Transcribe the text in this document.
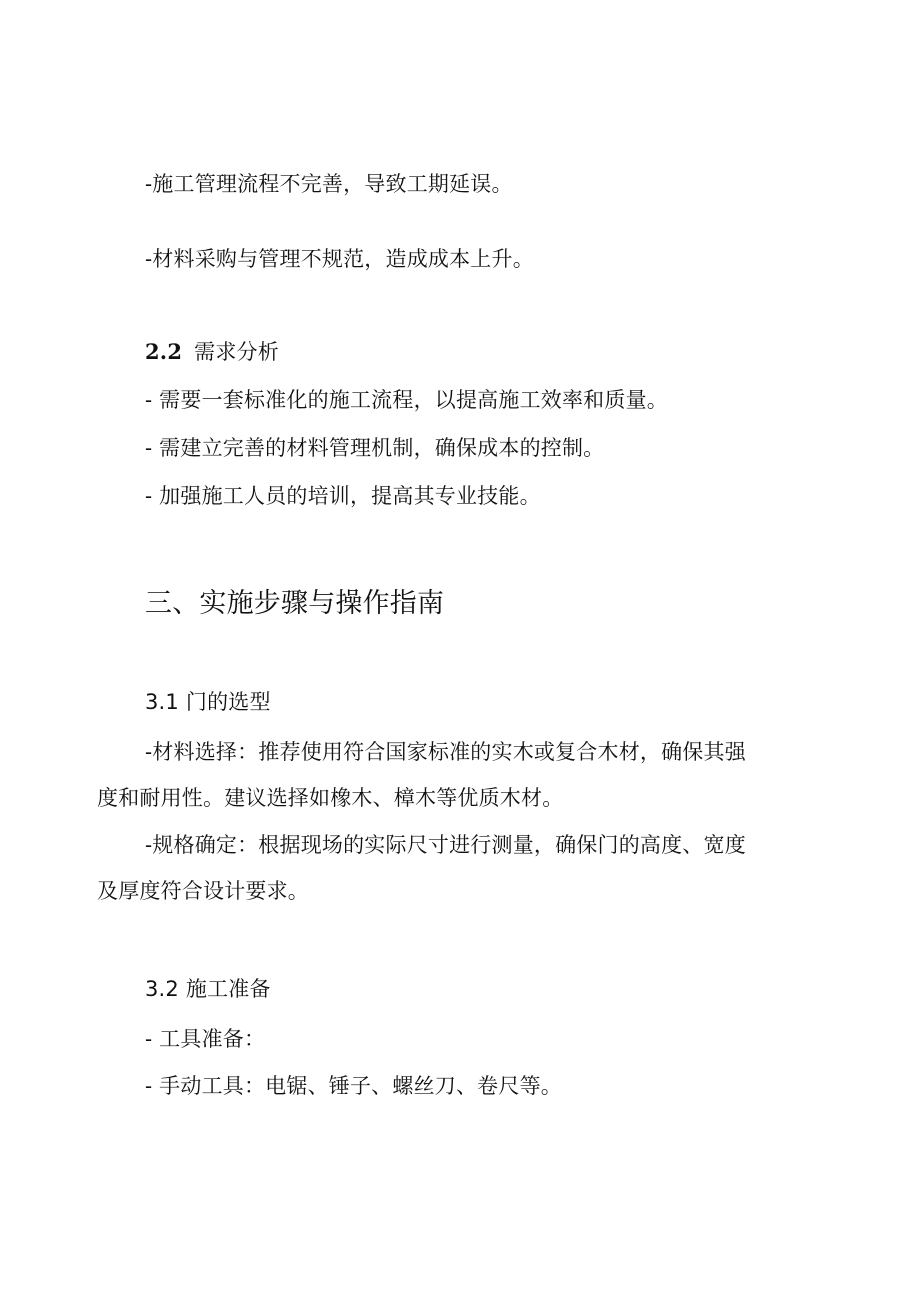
-施工管理流程不完善，导致工期延误。
-材料采购与管理不规范，造成成本上升。
2.2 需求分析
- 需要一套标准化的施工流程，以提高施工效率和质量。
- 需建立完善的材料管理机制，确保成本的控制。
- 加强施工人员的培训，提高其专业技能。
三、实施步骤与操作指南
3.1 门的选型
-材料选择：推荐使用符合国家标准的实木或复合木材，确保其强
度和耐用性。建议选择如橡木、樟木等优质木材。
-规格确定：根据现场的实际尺寸进行测量，确保门的高度、宽度
及厚度符合设计要求。
3.2 施工准备
- 工具准备：
- 手动工具：电锯、锤子、螺丝刀、卷尺等。
